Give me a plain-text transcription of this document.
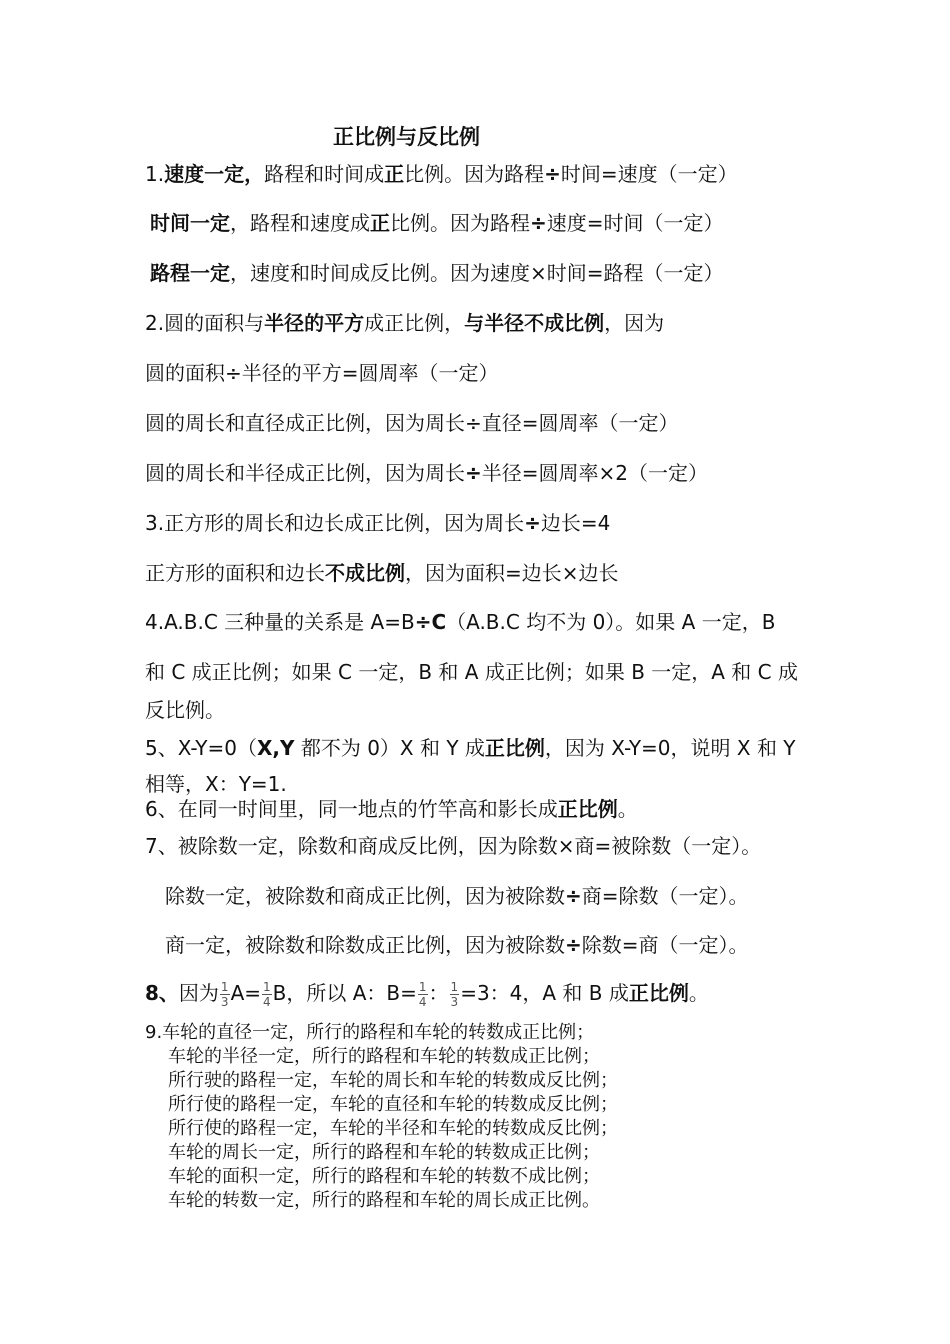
正比例与反比例
1.速度一定，路程和时间成正比例。因为路程÷时间=速度（一定）
时间一定，路程和速度成正比例。因为路程÷速度=时间（一定）
路程一定，速度和时间成反比例。因为速度×时间=路程（一定）
2.圆的面积与半径的平方成正比例，与半径不成比例，因为
圆的面积÷半径的平方=圆周率（一定）
圆的周长和直径成正比例，因为周长÷直径=圆周率（一定）
圆的周长和半径成正比例，因为周长÷半径=圆周率×2（一定）
3.正方形的周长和边长成正比例，因为周长÷边长=4
正方形的面积和边长不成比例，因为面积=边长×边长
4.A.B.C 三种量的关系是 A=B÷C（A.B.C 均不为 0）。如果 A 一定，B
和 C 成正比例；如果 C 一定，B 和 A 成正比例；如果 B 一定，A 和 C 成
反比例。
5、X-Y=0（X,Y 都不为 0）X 和 Y 成正比例，因为 X-Y=0，说明 X 和 Y
相等，X：Y=1.
6、在同一时间里，同一地点的竹竿高和影长成正比例。
7、被除数一定，除数和商成反比例，因为除数×商=被除数（一定）。
除数一定，被除数和商成正比例，因为被除数÷商=除数（一定）。
商一定，被除数和除数成正比例，因为被除数÷除数=商（一定）。
8、因为 $\frac{1}{3} A= \frac{1}{4}$ B，所以 A：$B= \frac{1}{4}$ ： $\frac{1}{3} =3$：4，A 和 B 成正比例。
9.车轮的直径一定，所行的路程和车轮的转数成正比例；
车轮的半径一定，所行的路程和车轮的转数成正比例；
所行驶的路程一定，车轮的周长和车轮的转数成反比例；
所行使的路程一定，车轮的直径和车轮的转数成反比例；
所行使的路程一定，车轮的半径和车轮的转数成反比例；
车轮的周长一定，所行的路程和车轮的转数成正比例；
车轮的面积一定，所行的路程和车轮的转数不成比例；
车轮的转数一定，所行的路程和车轮的周长成正比例。
